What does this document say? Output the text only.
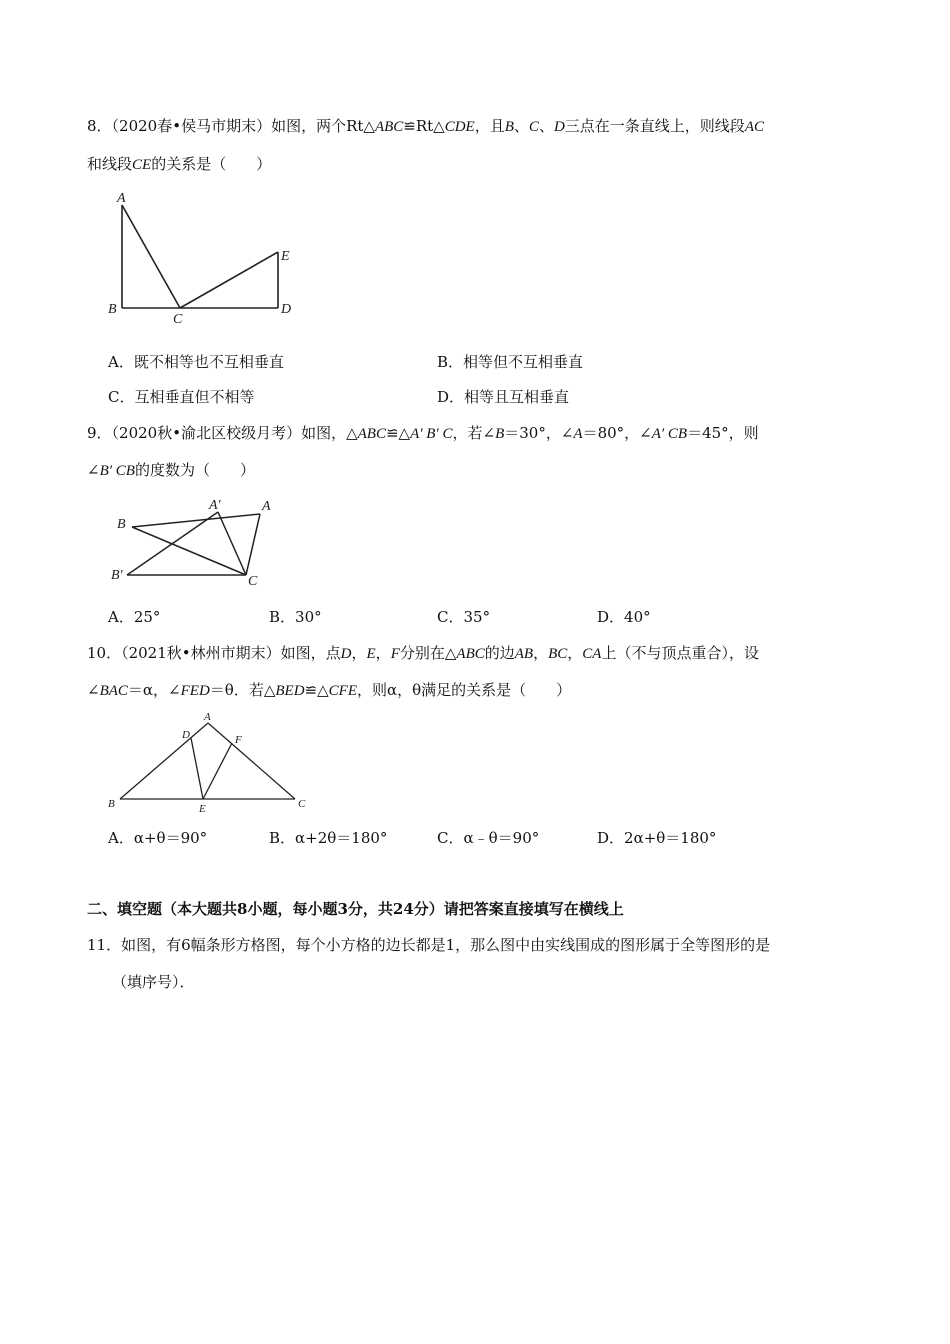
8．（2020春•侯马市期末）如图，两个Rt△ABC≌Rt△CDE，且B、C、D三点在一条直线上，则线段AC
和线段CE的关系是（　　）
A
B
C
D
E
A．既不相等也不互相垂直	B．相等但不互相垂直
C．互相垂直但不相等	D．相等且互相垂直
9．（2020秋•渝北区校级月考）如图，△ABC≌△A′ B′ C，若∠B＝30°，∠A＝80°，∠A′ CB＝45°，则
∠B′ CB的度数为（　　）
A
A′
B
B′	C
A．25°	B．30°	C．35°	D．40°
10．（2021秋•林州市期末）如图，点D，E，F分别在△ABC的边AB，BC，CA上（不与顶点重合），设
∠BAC＝α，∠FED＝θ．若△BED≌△CFE，则α，θ满足的关系是（　　）
A
B	C
D
E
F
A．α+θ＝90°	B．α+2θ＝180°	C．α﹣θ＝90°	D．2α+θ＝180°
二、填空题（本大题共8小题，每小题3分，共24分）请把答案直接填写在横线上
11．如图，有6幅条形方格图，每个小方格的边长都是1，那么图中由实线围成的图形属于全等图形的是
（填序号）．
